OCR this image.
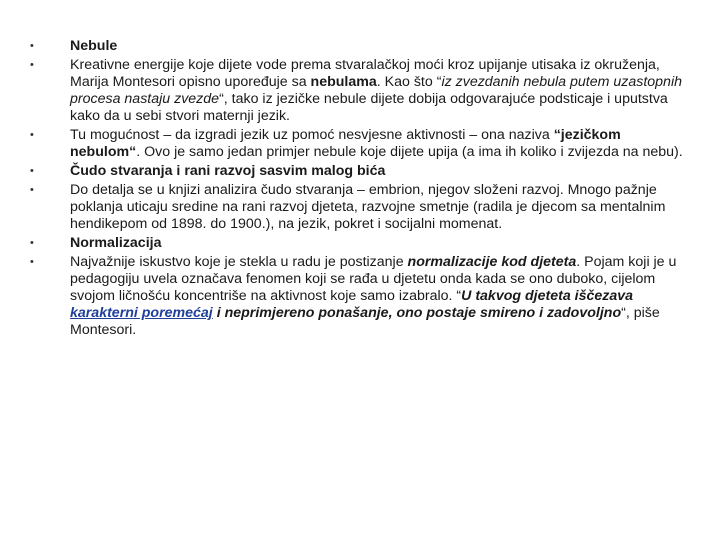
•	Nebule
•	Kreativne energije koje dijete vode prema stvaralačkoj moći kroz upijanje utisaka iz okruženja, Marija Montesori opisno upoređuje sa nebulama. Kao što “iz zvezdanih nebula putem uzastopnih procesa nastaju zvezde“, tako iz jezičke nebule dijete dobija odgovarajuće podsticaje i uputstva kako da u sebi stvori maternji jezik.
•	Tu mogućnost – da izgradi jezik uz pomoć nesvjesne aktivnosti – ona naziva “jezičkom nebulom“. Ovo je samo jedan primjer nebule koje dijete upija (a ima ih koliko i zvijezda na nebu).
•	Čudo stvaranja i rani razvoj sasvim malog bića
•	Do detalja se u knjizi analizira čudo stvaranja – embrion, njegov složeni razvoj. Mnogo pažnje poklanja uticaju sredine na rani razvoj djeteta, razvojne smetnje (radila je djecom sa mentalnim hendikepom od 1898. do 1900.), na jezik, pokret i socijalni momenat.
•	Normalizacija
•	Najvažnije iskustvo koje je stekla u radu je postizanje normalizacije kod djeteta. Pojam koji je u pedagogiju uvela označava fenomen koji se rađa u djetetu onda kada se ono duboko, cijelom svojom ličnošću koncentriše na aktivnost koje samo izabralo. “U takvog djeteta iščezava karakterni poremećaj i neprimjereno ponašanje, ono postaje smireno i zadovoljno“, piše Montesori.
